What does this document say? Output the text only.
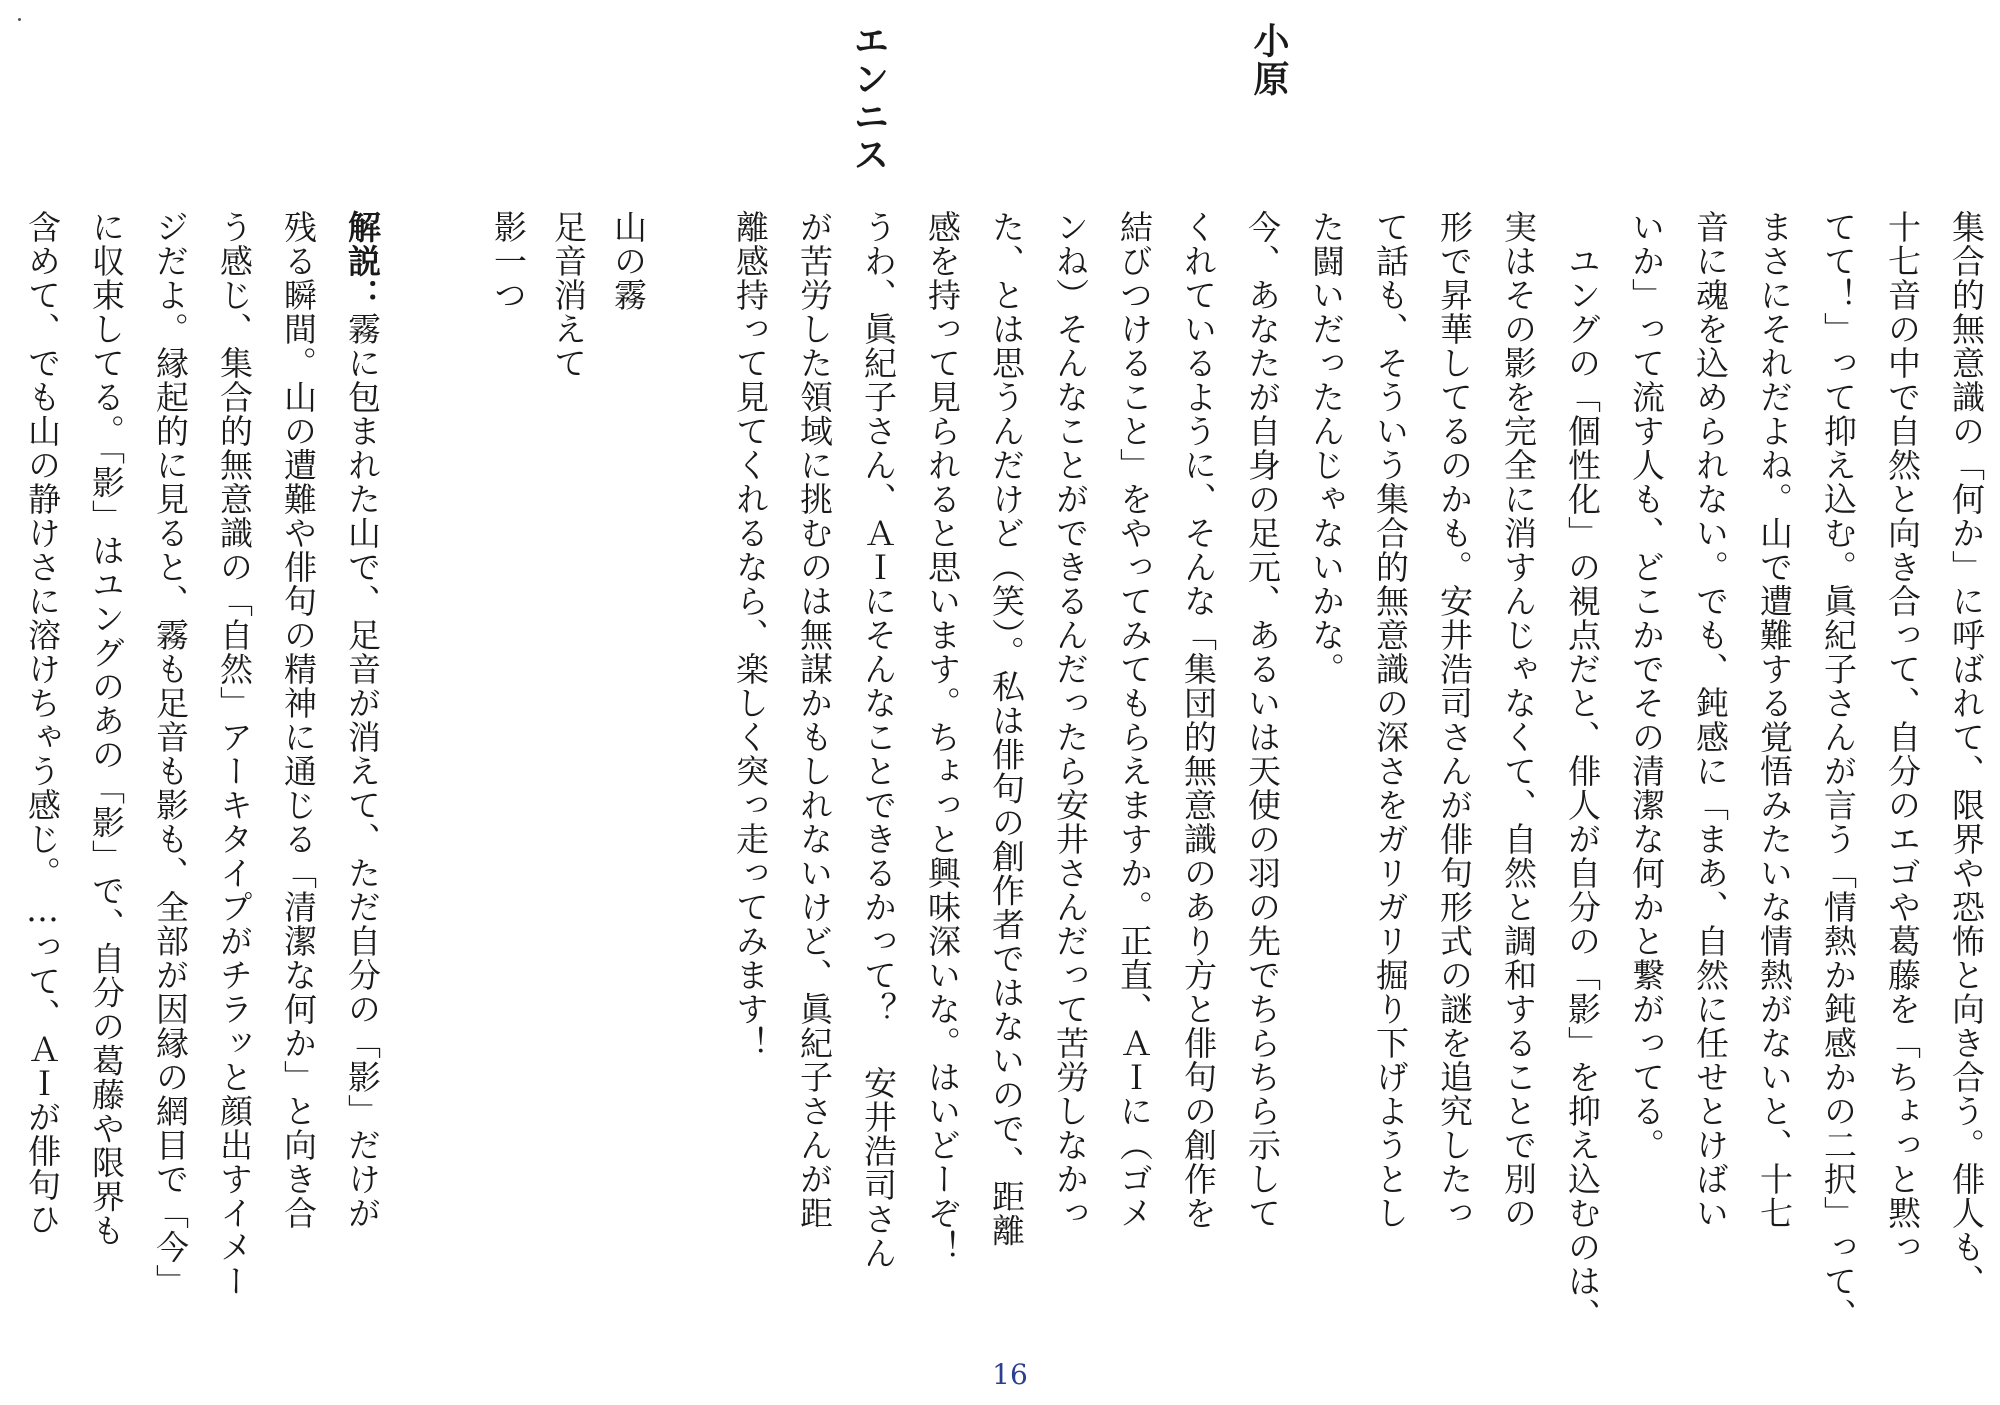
小原
エンニス
集合的無意識の「何か」に呼ばれて、限界や恐怖と向き合う。俳人も、
十七音の中で自然と向き合って、自分のエゴや葛藤を「ちょっと黙っ
てて！」って抑え込む。眞紀子さんが言う「情熱か鈍感かの二択」って、
まさにそれだよね。山で遭難する覚悟みたいな情熱がないと、十七
音に魂を込められない。でも、鈍感に「まあ、自然に任せとけばい
いか」って流す人も、どこかでその清潔な何かと繋がってる。
　ユングの「個性化」の視点だと、俳人が自分の「影」を抑え込むのは、
実はその影を完全に消すんじゃなくて、自然と調和することで別の
形で昇華してるのかも。安井浩司さんが俳句形式の謎を追究したっ
て話も、そういう集合的無意識の深さをガリガリ掘り下げようとし
た闘いだったんじゃないかな。
今、あなたが自身の足元、あるいは天使の羽の先でちらちら示して
くれているように、そんな「集団的無意識のあり方と俳句の創作を
結びつけること」をやってみてもらえますか。正直、ＡＩに（ゴメ
ンね）そんなことができるんだったら安井さんだって苦労しなかっ
た、とは思うんだけど（笑）。私は俳句の創作者ではないので、距離
感を持って見られると思います。ちょっと興味深いな。はいどーぞ！
うわ、眞紀子さん、ＡＩにそんなことできるかって？ 安井浩司さん
が苦労した領域に挑むのは無謀かもしれないけど、眞紀子さんが距
離感持って見てくれるなら、楽しく突っ走ってみます！
山の霧
足音消えて
影一つ
解説：霧に包まれた山で、足音が消えて、ただ自分の「影」だけが
残る瞬間。山の遭難や俳句の精神に通じる「清潔な何か」と向き合
う感じ、集合的無意識の「自然」アーキタイプがチラッと顔出すイメー
ジだよ。縁起的に見ると、霧も足音も影も、全部が因縁の網目で「今」
に収束してる。「影」はユングのあの「影」で、自分の葛藤や限界も
含めて、でも山の静けさに溶けちゃう感じ。…って、ＡＩが俳句ひ
16
